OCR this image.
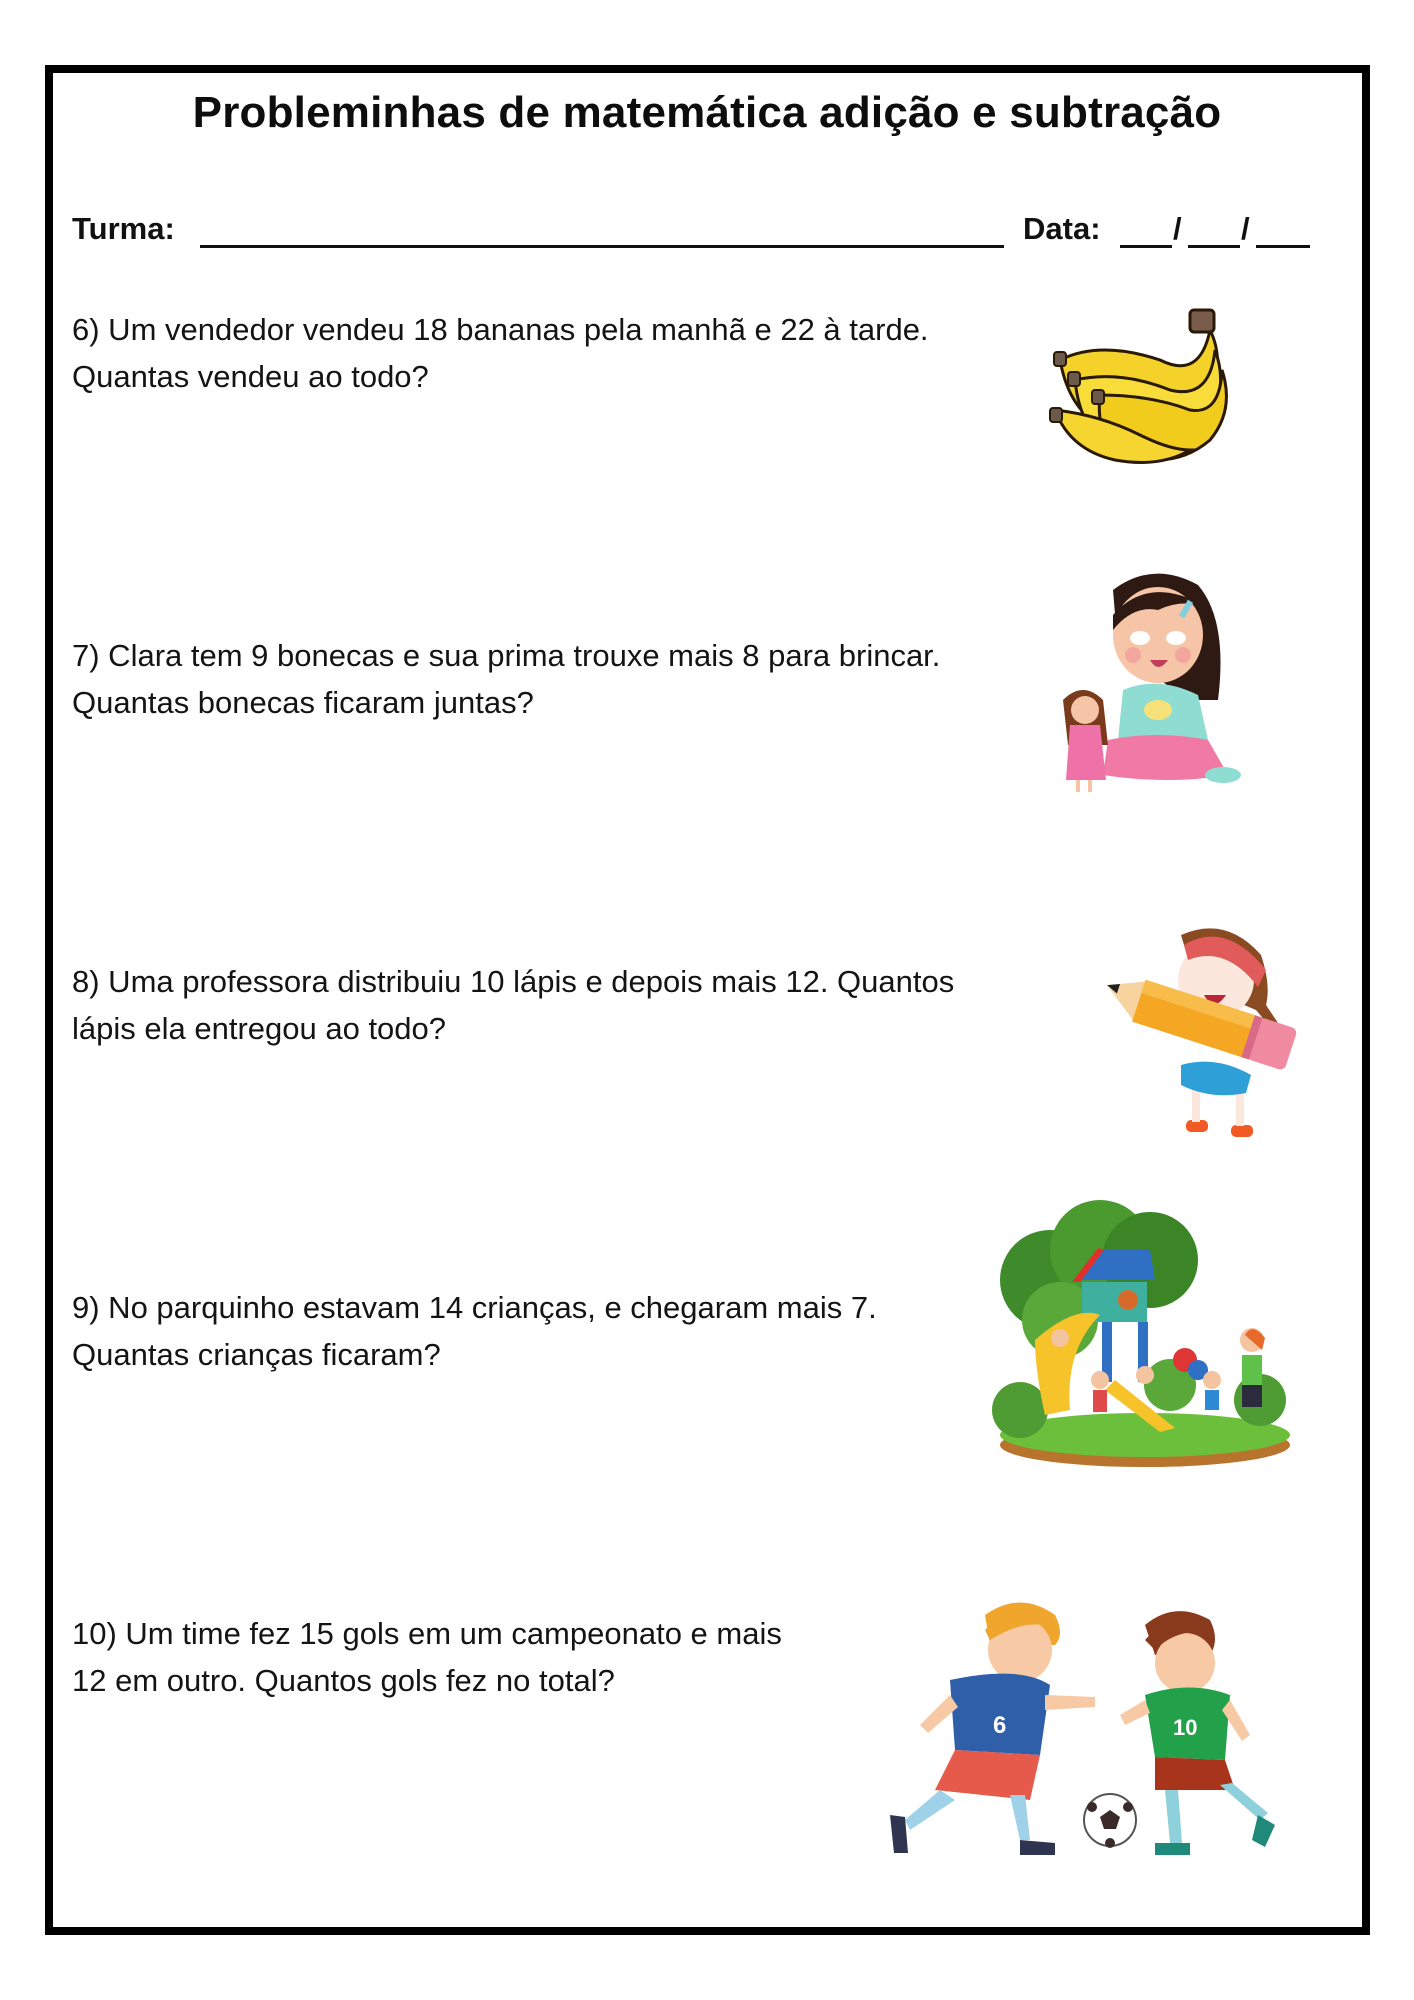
Probleminhas de matemática adição e subtração
Turma:	Data: / /
6) Um vendedor vendeu 18 bananas pela manhã e 22 à tarde.
Quantas vendeu ao todo?
7) Clara tem 9 bonecas e sua prima trouxe mais 8 para brincar.
Quantas bonecas ficaram juntas?
8) Uma professora distribuiu 10 lápis e depois mais 12. Quantos
lápis ela entregou ao todo?
9) No parquinho estavam 14 crianças, e chegaram mais 7.
Quantas crianças ficaram?
10) Um time fez 15 gols em um campeonato e mais
12 em outro. Quantos gols fez no total?
6	10
